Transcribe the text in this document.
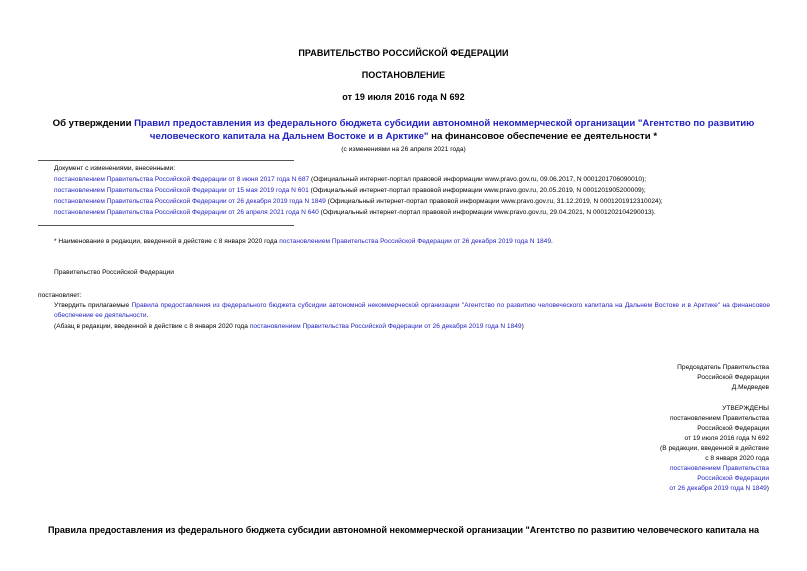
ПРАВИТЕЛЬСТВО РОССИЙСКОЙ ФЕДЕРАЦИИ
ПОСТАНОВЛЕНИЕ
от 19 июля 2016 года N 692
Об утверждении Правил предоставления из федерального бюджета субсидии автономной некоммерческой организации "Агентство по развитию человеческого капитала на Дальнем Востоке и в Арктике" на финансовое обеспечение ее деятельности *
(с изменениями на 26 апреля 2021 года)
Документ с изменениями, внесенными:
постановлением Правительства Российской Федерации от 8 июня 2017 года N 687 (Официальный интернет-портал правовой информации www.pravo.gov.ru, 09.06.2017, N 0001201706090010);
постановлением Правительства Российской Федерации от 15 мая 2019 года N 601 (Официальный интернет-портал правовой информации www.pravo.gov.ru, 20.05.2019, N 0001201905200009);
постановлением Правительства Российской Федерации от 26 декабря 2019 года N 1849 (Официальный интернет-портал правовой информации www.pravo.gov.ru, 31.12.2019, N 0001201912310024);
постановлением Правительства Российской Федерации от 26 апреля 2021 года N 640 (Официальный интернет-портал правовой информации www.pravo.gov.ru, 29.04.2021, N 0001202104290013).
* Наименование в редакции, введенной в действие с 8 января 2020 года постановлением Правительства Российской Федерации от 26 декабря 2019 года N 1849.
Правительство Российской Федерации
постановляет:
Утвердить прилагаемые Правила предоставления из федерального бюджета субсидии автономной некоммерческой организации "Агентство по развитию человеческого капитала на Дальнем Востоке и в Арктике" на финансовое обеспечение ее деятельности.
(Абзац в редакции, введенной в действие с 8 января 2020 года постановлением Правительства Российской Федерации от 26 декабря 2019 года N 1849)
Председатель Правительства
Российской Федерации
Д.Медведев
УТВЕРЖДЕНЫ
постановлением Правительства
Российской Федерации
от 19 июля 2016 года N 692
(В редакции, введенной в действие
с 8 января 2020 года
постановлением Правительства
Российской Федерации
от 26 декабря 2019 года N 1849)
Правила предоставления из федерального бюджета субсидии автономной некоммерческой организации "Агентство по развитию человеческого капитала на
